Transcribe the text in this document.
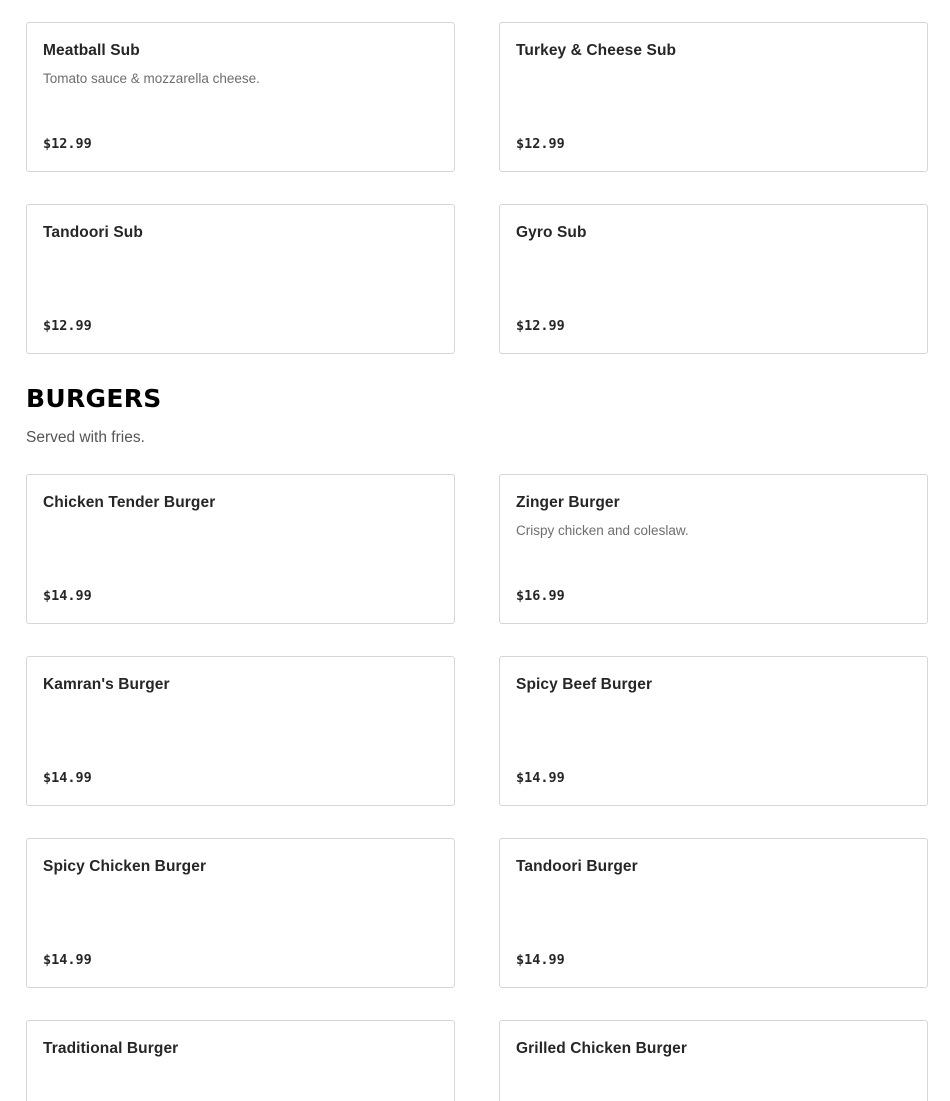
Meatball Sub
Tomato sauce & mozzarella cheese.
$12.99
Turkey & Cheese Sub
$12.99
Tandoori Sub
$12.99
Gyro Sub
$12.99
BURGERS
Served with fries.
Chicken Tender Burger
$14.99
Zinger Burger
Crispy chicken and coleslaw.
$16.99
Kamran's Burger
$14.99
Spicy Beef Burger
$14.99
Spicy Chicken Burger
$14.99
Tandoori Burger
$14.99
Traditional Burger	Grilled Chicken Burger
